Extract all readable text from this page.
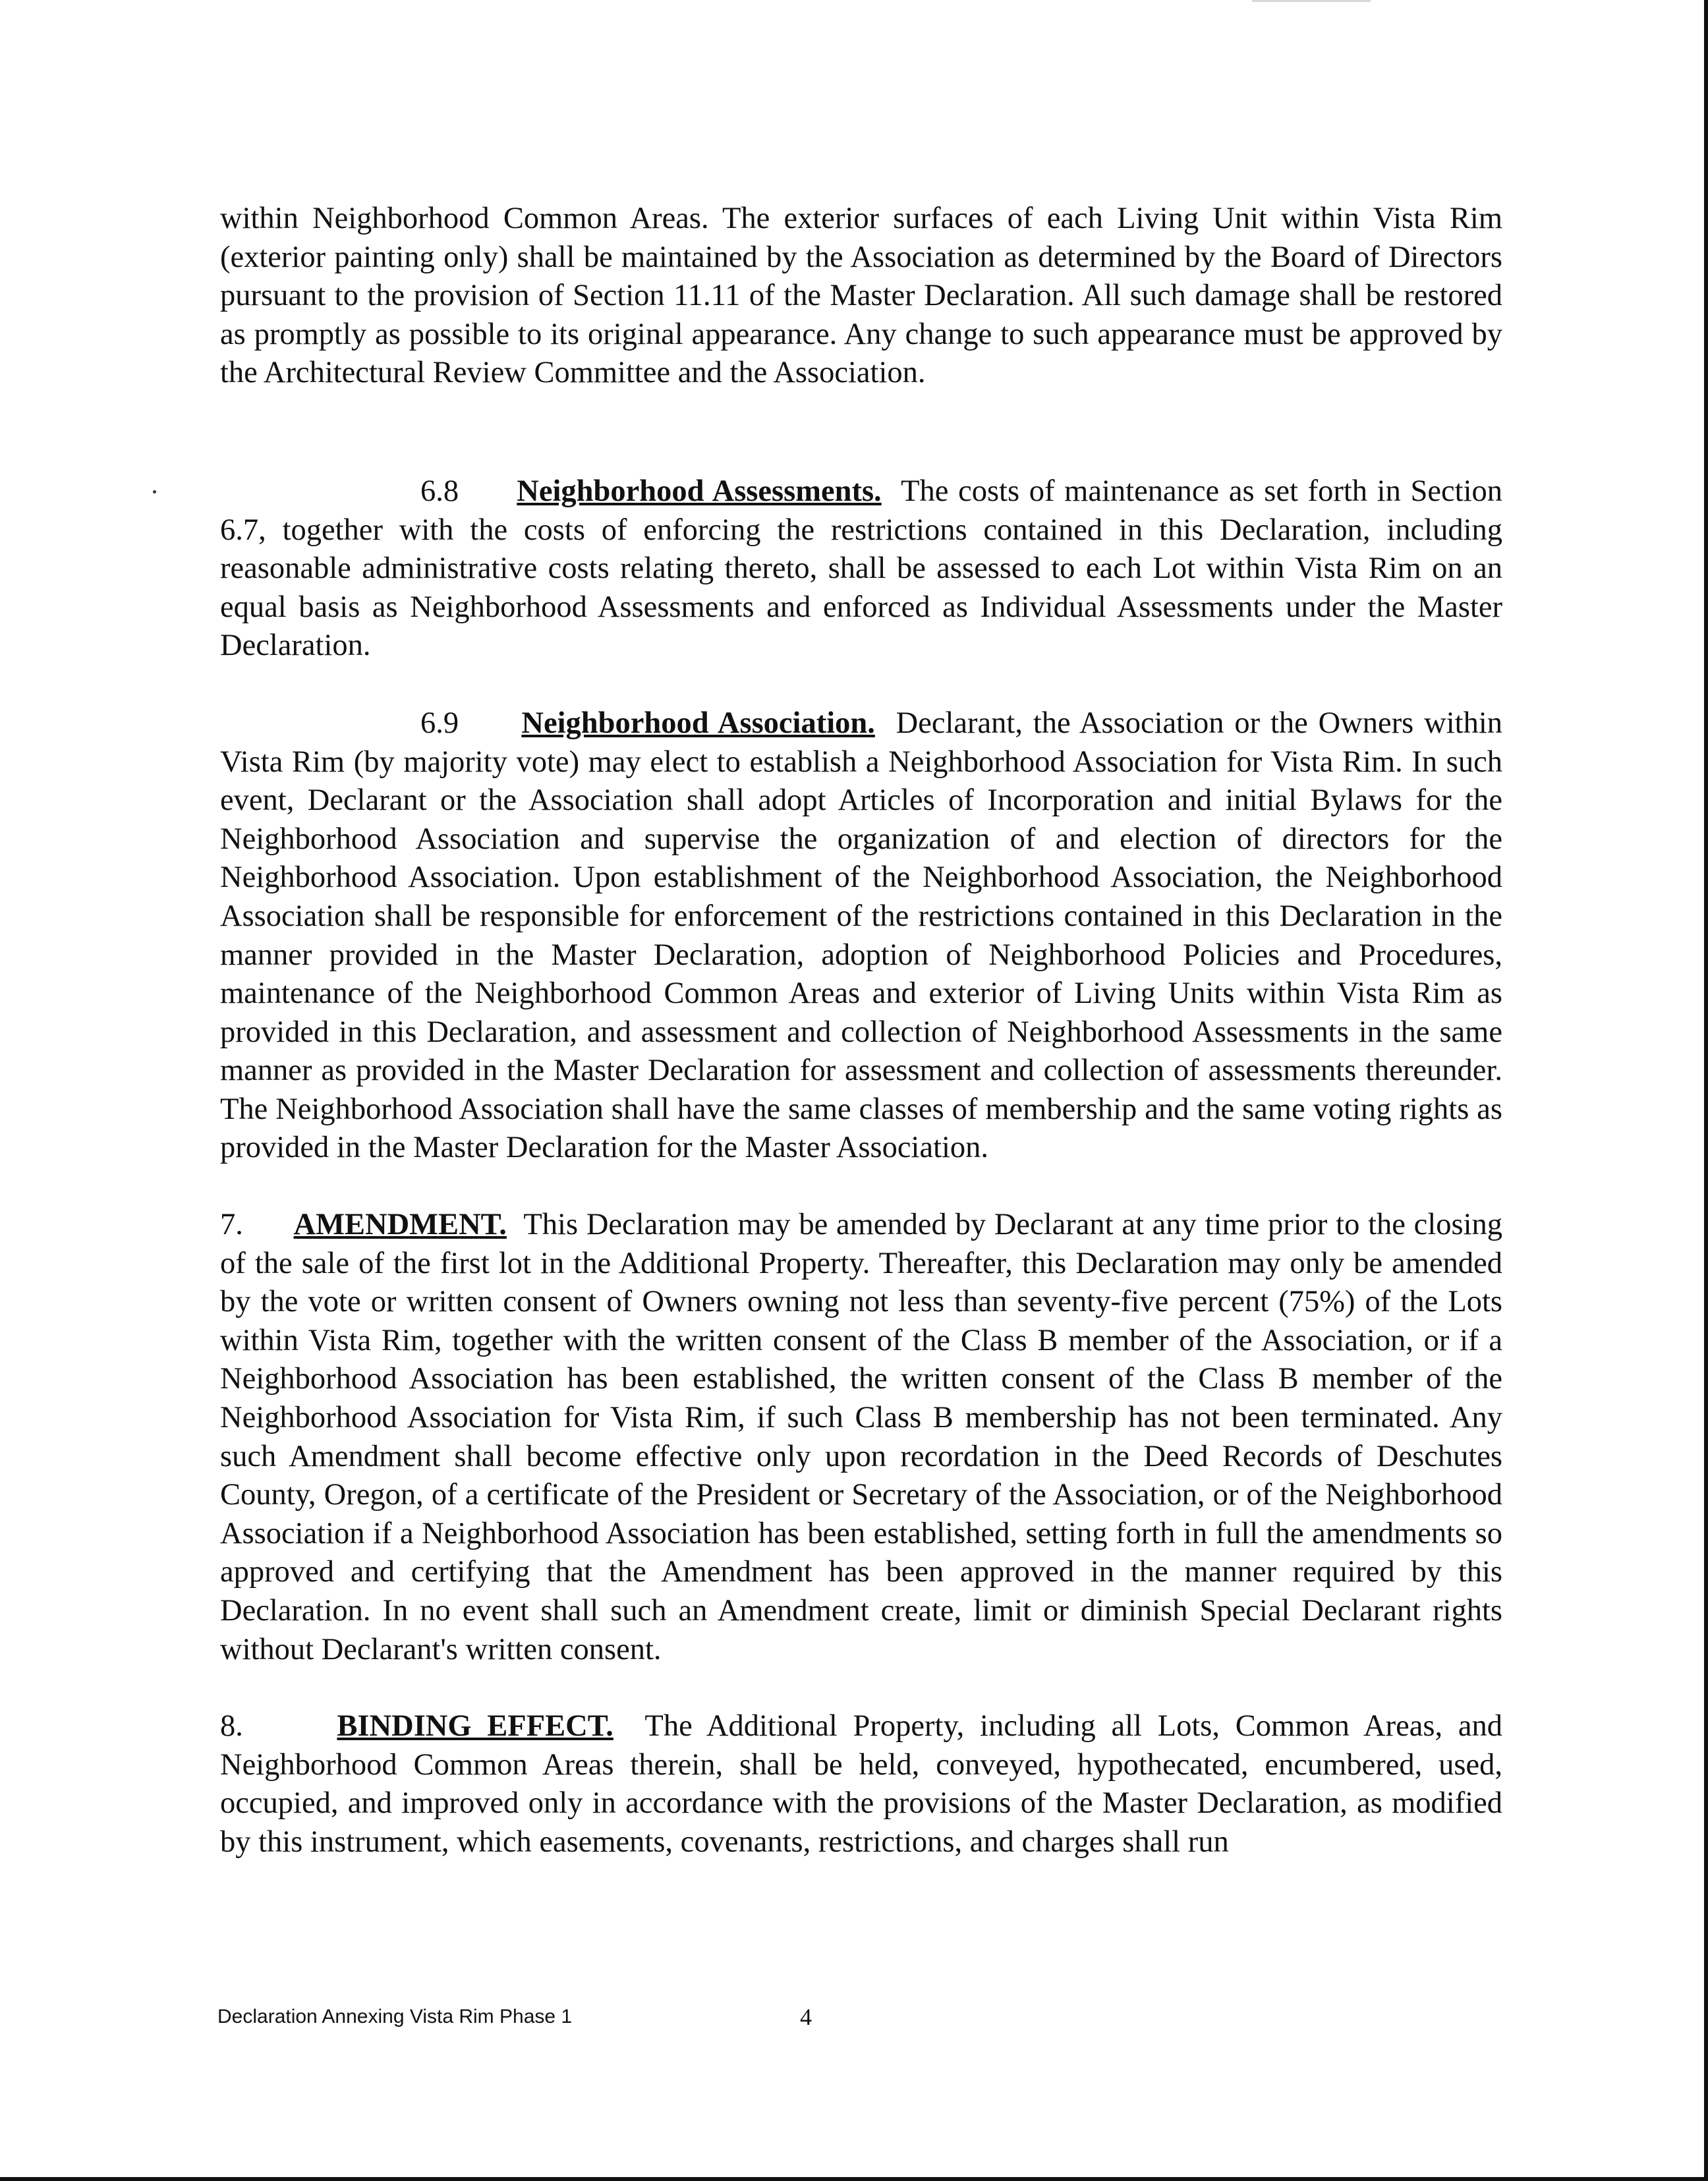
within Neighborhood Common Areas. The exterior surfaces of each Living Unit within Vista Rim (exterior painting only) shall be maintained by the Association as determined by the Board of Directors pursuant to the provision of Section 11.11 of the Master Declaration. All such damage shall be restored as promptly as possible to its original appearance. Any change to such appearance must be approved by the Architectural Review Committee and the Association.

6.8 Neighborhood Assessments. The costs of maintenance as set forth in Section 6.7, together with the costs of enforcing the restrictions contained in this Declaration, including reasonable administrative costs relating thereto, shall be assessed to each Lot within Vista Rim on an equal basis as Neighborhood Assessments and enforced as Individual Assessments under the Master Declaration.

6.9 Neighborhood Association. Declarant, the Association or the Owners within Vista Rim (by majority vote) may elect to establish a Neighborhood Association for Vista Rim. In such event, Declarant or the Association shall adopt Articles of Incorporation and initial Bylaws for the Neighborhood Association and supervise the organization of and election of directors for the Neighborhood Association. Upon establishment of the Neighborhood Association, the Neighborhood Association shall be responsible for enforcement of the restrictions contained in this Declaration in the manner provided in the Master Declaration, adoption of Neighborhood Policies and Procedures, maintenance of the Neighborhood Common Areas and exterior of Living Units within Vista Rim as provided in this Declaration, and assessment and collection of Neighborhood Assessments in the same manner as provided in the Master Declaration for assessment and collection of assessments thereunder. The Neighborhood Association shall have the same classes of membership and the same voting rights as provided in the Master Declaration for the Master Association.

7. AMENDMENT. This Declaration may be amended by Declarant at any time prior to the closing of the sale of the first lot in the Additional Property. Thereafter, this Declaration may only be amended by the vote or written consent of Owners owning not less than seventy-five percent (75%) of the Lots within Vista Rim, together with the written consent of the Class B member of the Association, or if a Neighborhood Association has been established, the written consent of the Class B member of the Neighborhood Association for Vista Rim, if such Class B membership has not been terminated. Any such Amendment shall become effective only upon recordation in the Deed Records of Deschutes County, Oregon, of a certificate of the President or Secretary of the Association, or of the Neighborhood Association if a Neighborhood Association has been established, setting forth in full the amendments so approved and certifying that the Amendment has been approved in the manner required by this Declaration. In no event shall such an Amendment create, limit or diminish Special Declarant rights without Declarant's written consent.

8.	BINDING EFFECT. The Additional Property, including all Lots, Common Areas, and Neighborhood Common Areas therein, shall be held, conveyed, hypothecated, encumbered, used, occupied, and improved only in accordance with the provisions of the Master Declaration, as modified by this instrument, which easements, covenants, restrictions, and charges shall run

Declaration Annexing Vista Rim Phase 1	4
